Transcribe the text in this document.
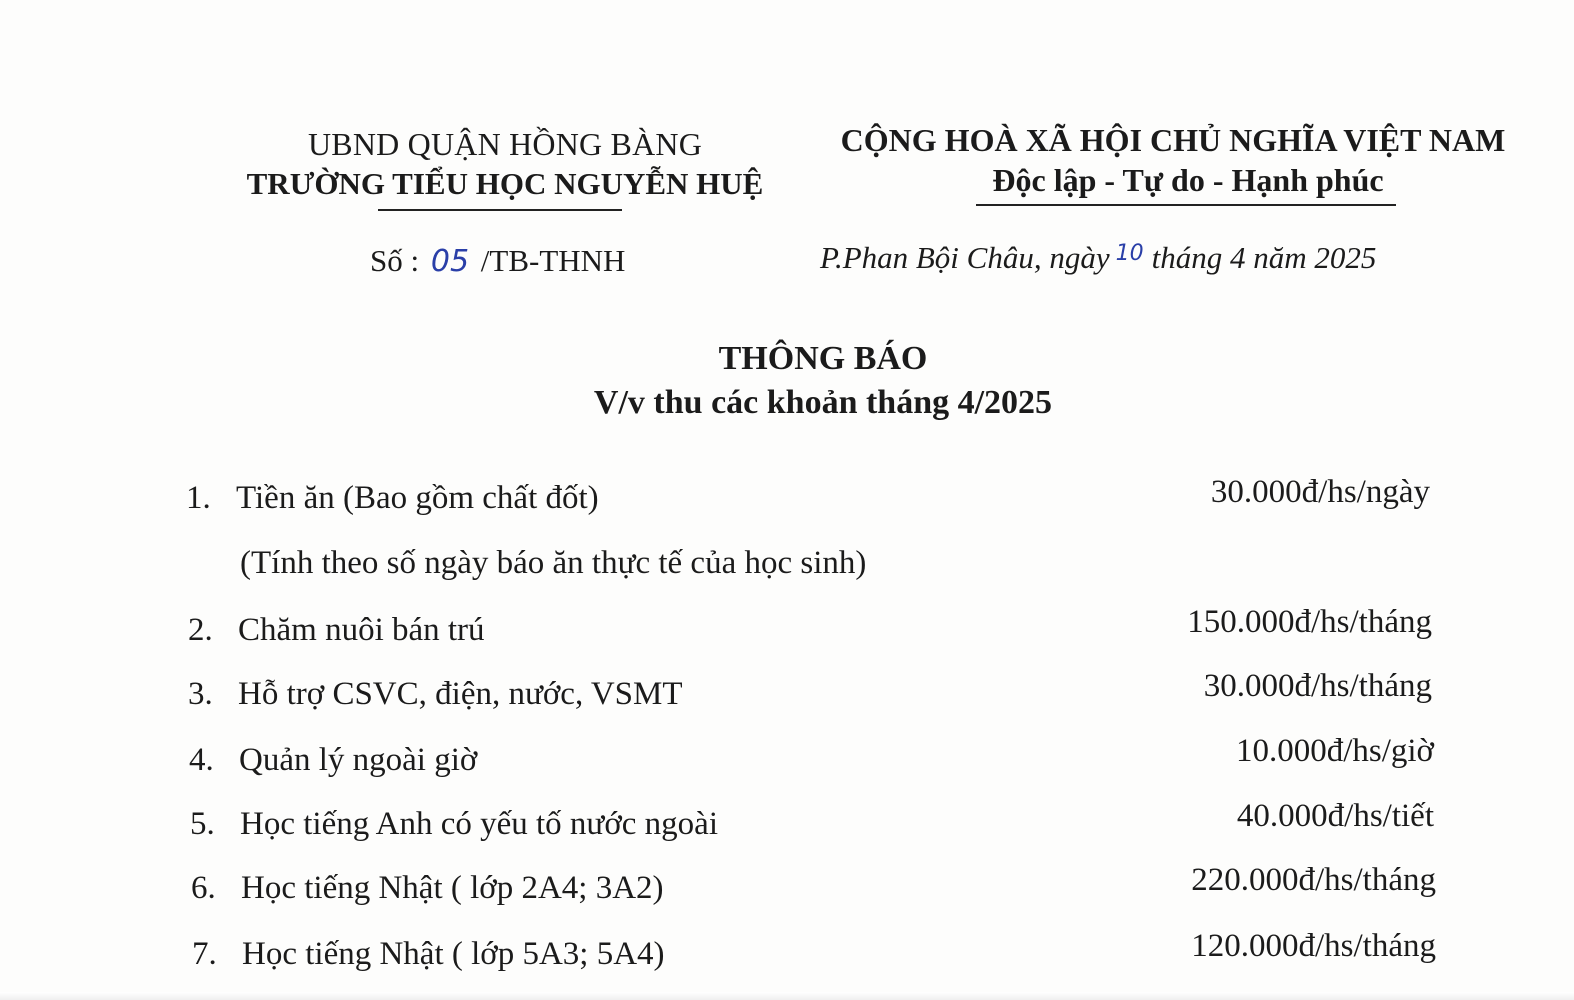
UBND QUẬN HỒNG BÀNG
TRƯỜNG TIỂU HỌC NGUYỄN HUỆ
CỘNG HOÀ XÃ HỘI CHỦ NGHĨA VIỆT NAM
Độc lập - Tự do - Hạnh phúc
Số : 05 /TB-THNH	P.Phan Bội Châu, ngày 10 tháng 4 năm 2025
THÔNG BÁO
V/v thu các khoản tháng 4/2025
1. Tiền ăn (Bao gồm chất đốt)	30.000đ/hs/ngày
(Tính theo số ngày báo ăn thực tế của học sinh)
2. Chăm nuôi bán trú	150.000đ/hs/tháng
3. Hỗ trợ CSVC, điện, nước, VSMT	30.000đ/hs/tháng
4. Quản lý ngoài giờ	10.000đ/hs/giờ
5. Học tiếng Anh có yếu tố nước ngoài	40.000đ/hs/tiết
6. Học tiếng Nhật ( lớp 2A4; 3A2)	220.000đ/hs/tháng
7. Học tiếng Nhật ( lớp 5A3; 5A4)	120.000đ/hs/tháng
